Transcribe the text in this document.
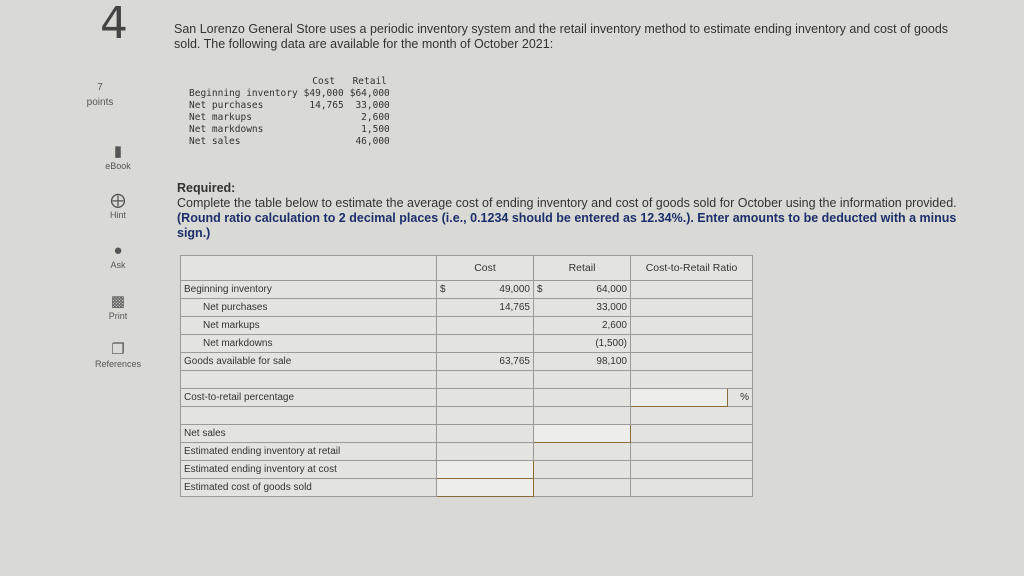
4
7
points
▮
eBook
⨁
Hint
●
Ask
▩
Print
❐
References
San Lorenzo General Store uses a periodic inventory system and the retail inventory method to estimate ending inventory and cost of goods sold. The following data are available for the month of October 2021:
	Cost	Retail
Beginning inventory	$49,000	$64,000
Net purchases	14,765	33,000
Net markups		2,600
Net markdowns		1,500
Net sales		46,000
Required:
Complete the table below to estimate the average cost of ending inventory and cost of goods sold for October using the information provided. (Round ratio calculation to 2 decimal places (i.e., 0.1234 should be entered as 12.34%.). Enter amounts to be deducted with a minus sign.)
	Cost		Retail		Cost-to-Retail Ratio	
Beginning inventory	$	49,000	$	64,000		
Net purchases	14,765		33,000			
Net markups			2,600			
Net markdowns			(1,500)			
Goods available for sale	63,765		98,100			

Cost-to-retail percentage						%

Net sales						
Estimated ending inventory at retail						
Estimated ending inventory at cost						
Estimated cost of goods sold						
